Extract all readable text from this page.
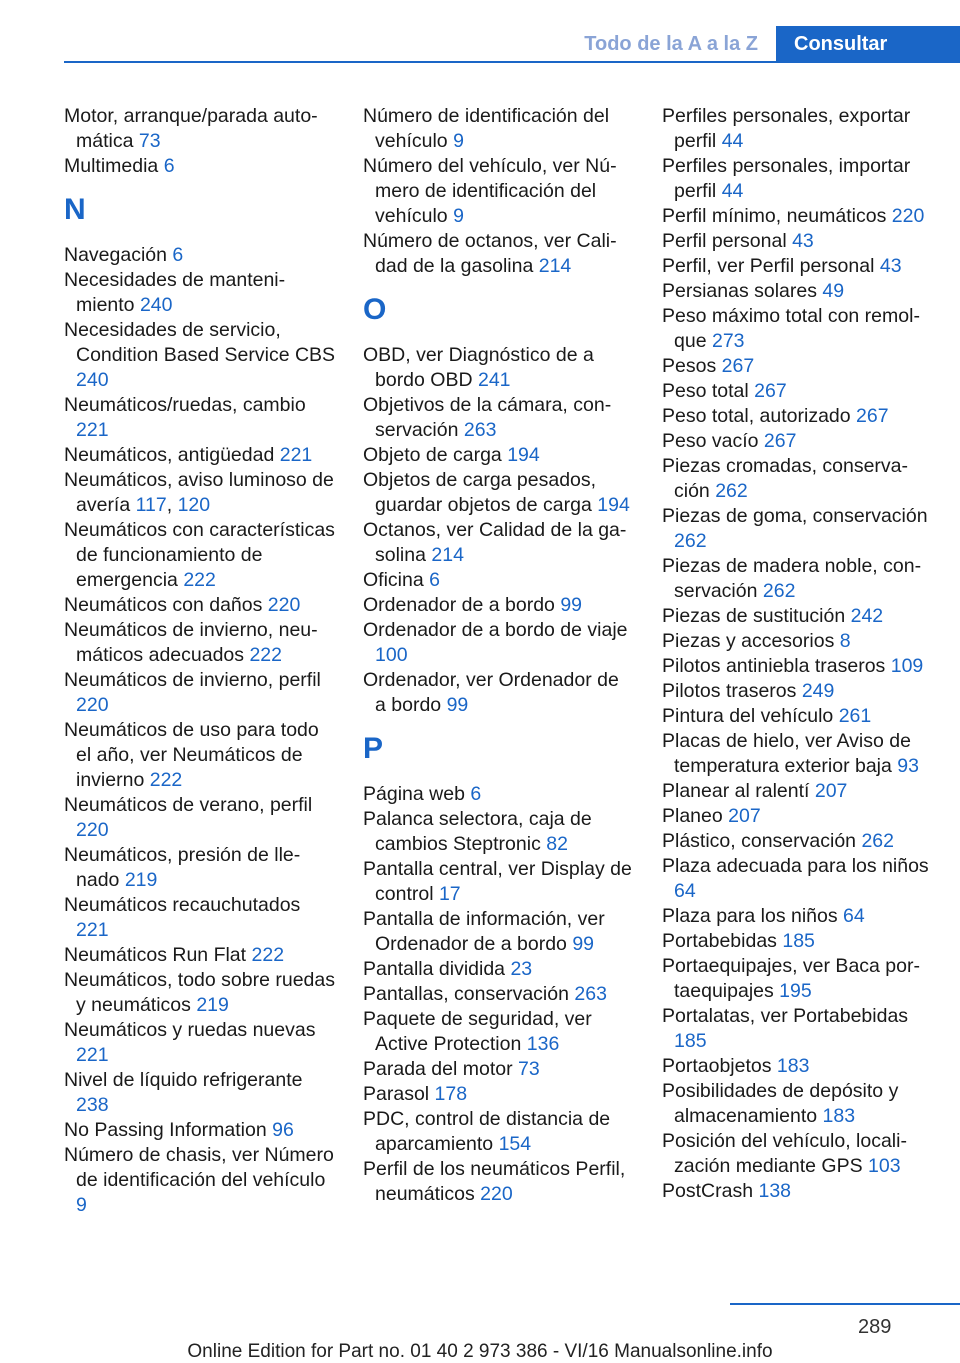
Todo de la A a la Z	Consultar

Motor, arranque/parada automática 73

Multimedia 6

N

Navegación 6

Necesidades de mantenimiento 240

Necesidades de servicio, Condition Based Service CBS 240

Neumáticos/ruedas, cambio 221

Neumáticos, antigüedad 221

Neumáticos, aviso luminoso de avería 117, 120

Neumáticos con características de funcionamiento de emergencia 222

Neumáticos con daños 220

Neumáticos de invierno, neumáticos adecuados 222

Neumáticos de invierno, perfil 220

Neumáticos de uso para todo el año, ver Neumáticos de invierno 222

Neumáticos de verano, perfil 220

Neumáticos, presión de llenado 219

Neumáticos recauchutados 221

Neumáticos Run Flat 222

Neumáticos, todo sobre ruedas y neumáticos 219

Neumáticos y ruedas nuevas 221

Nivel de líquido refrigerante 238

No Passing Information 96

Número de chasis, ver Número de identificación del vehículo 9

Número de identificación del vehículo 9

Número del vehículo, ver Número de identificación del vehículo 9

Número de octanos, ver Calidad de la gasolina 214

O

OBD, ver Diagnóstico de a bordo OBD 241

Objetivos de la cámara, conservación 263

Objeto de carga 194

Objetos de carga pesados, guardar objetos de carga 194

Octanos, ver Calidad de la gasolina 214

Oficina 6

Ordenador de a bordo 99

Ordenador de a bordo de viaje 100

Ordenador, ver Ordenador de a bordo 99

P

Página web 6

Palanca selectora, caja de cambios Steptronic 82

Pantalla central, ver Display de control 17

Pantalla de información, ver Ordenador de a bordo 99

Pantalla dividida 23

Pantallas, conservación 263

Paquete de seguridad, ver Active Protection 136

Parada del motor 73

Parasol 178

PDC, control de distancia de aparcamiento 154

Perfil de los neumáticos Perfil, neumáticos 220

Perfiles personales, exportar perfil 44

Perfiles personales, importar perfil 44

Perfil mínimo, neumáticos 220

Perfil personal 43

Perfil, ver Perfil personal 43

Persianas solares 49

Peso máximo total con remolque 273

Pesos 267

Peso total 267

Peso total, autorizado 267

Peso vacío 267

Piezas cromadas, conservación 262

Piezas de goma, conservación 262

Piezas de madera noble, conservación 262

Piezas de sustitución 242

Piezas y accesorios 8

Pilotos antiniebla traseros 109

Pilotos traseros 249

Pintura del vehículo 261

Placas de hielo, ver Aviso de temperatura exterior baja 93

Planear al ralentí 207

Planeo 207

Plástico, conservación 262

Plaza adecuada para los niños 64

Plaza para los niños 64

Portabebidas 185

Portaequipajes, ver Baca portaequipajes 195

Portalatas, ver Portabebidas 185

Portaobjetos 183

Posibilidades de depósito y almacenamiento 183

Posición del vehículo, localización mediante GPS 103

PostCrash 138

289
Online Edition for Part no. 01 40 2 973 386 - VI/16 Manualsonline.info
